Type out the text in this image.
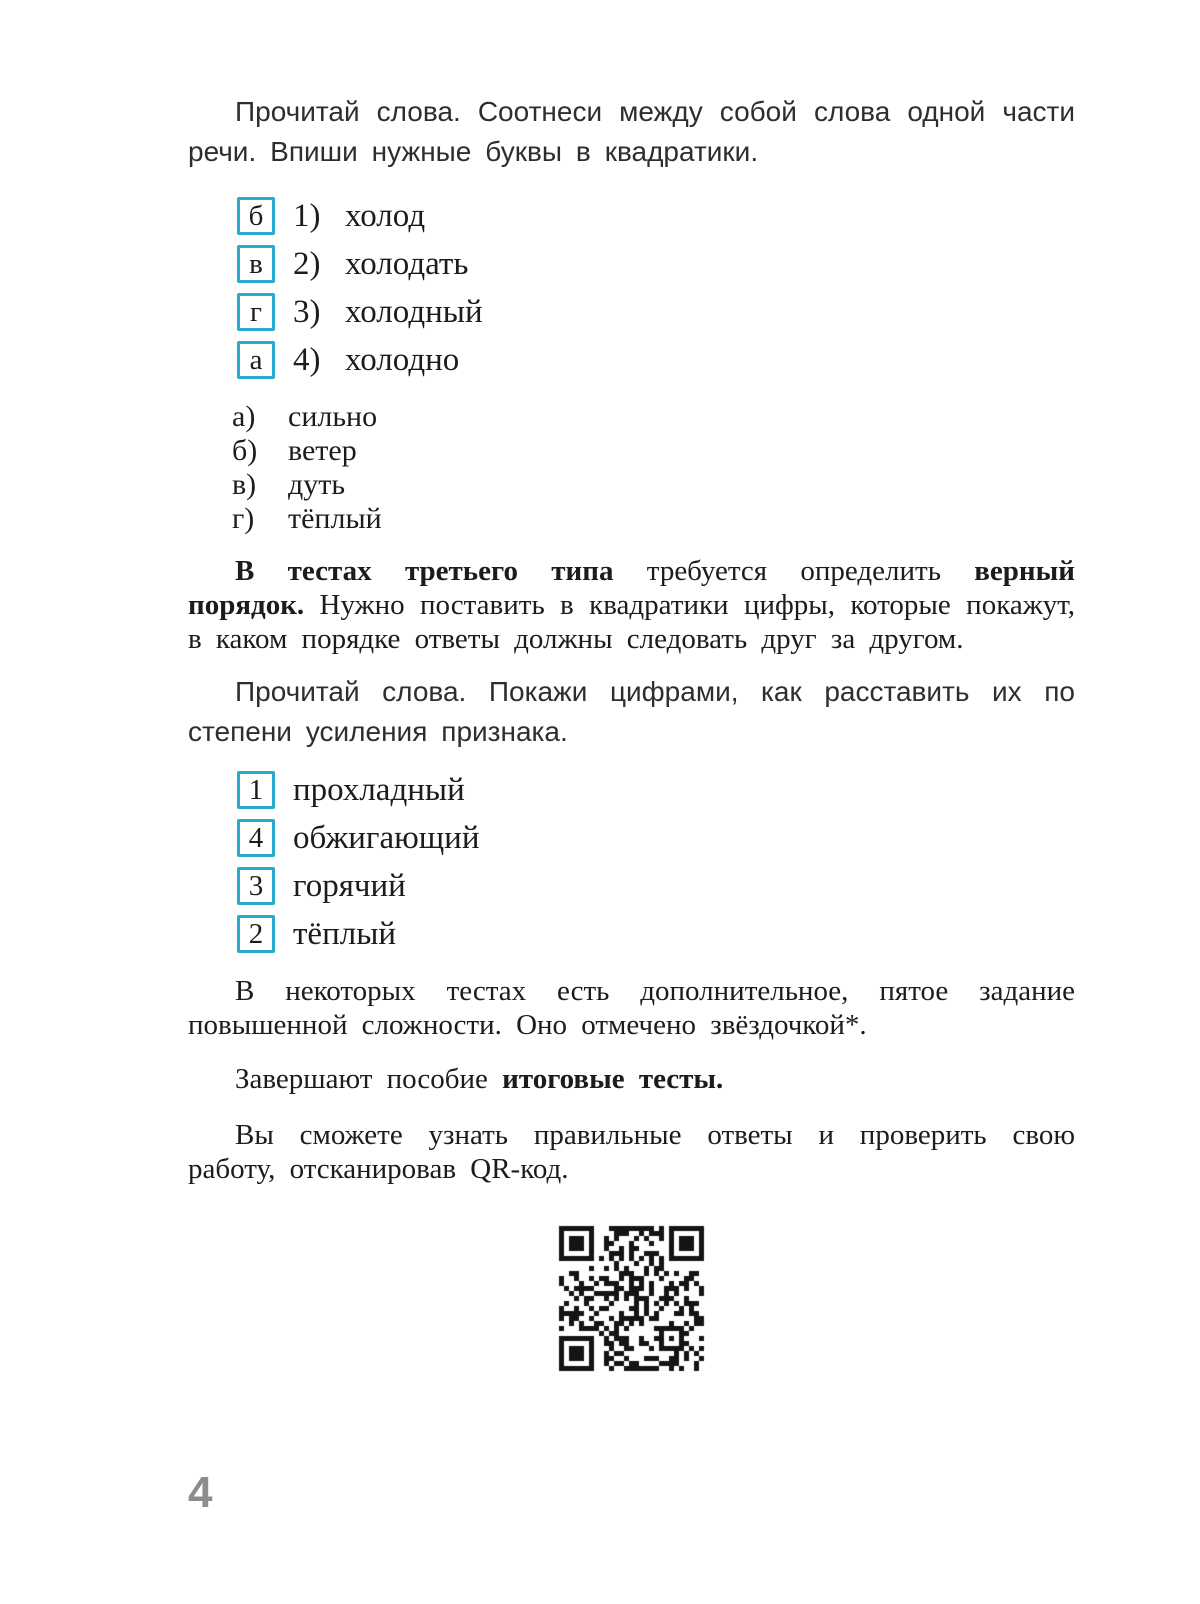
Прочитай слова. Соотнеси между собой слова одной части речи. Впиши нужные буквы в квадратики.

б 1) холод
в 2) холодать
г 3) холодный
а 4) холодно
а)	сильно
б)	ветер
в)	дуть
г)	тёплый

В тестах третьего типа требуется определить верный порядок. Нужно поставить в квадратики цифры, которые покажут, в каком порядке ответы должны следовать друг за другом.

Прочитай слова. Покажи цифрами, как расставить их по степени усиления признака.

1 прохладный
4 обжигающий
3 горячий
2 тёплый

В некоторых тестах есть дополнительное, пятое задание повышенной сложности. Оно отмечено звёздочкой*.

Завершают пособие итоговые тесты.

Вы сможете узнать правильные ответы и проверить свою работу, отсканировав QR-код.

4
